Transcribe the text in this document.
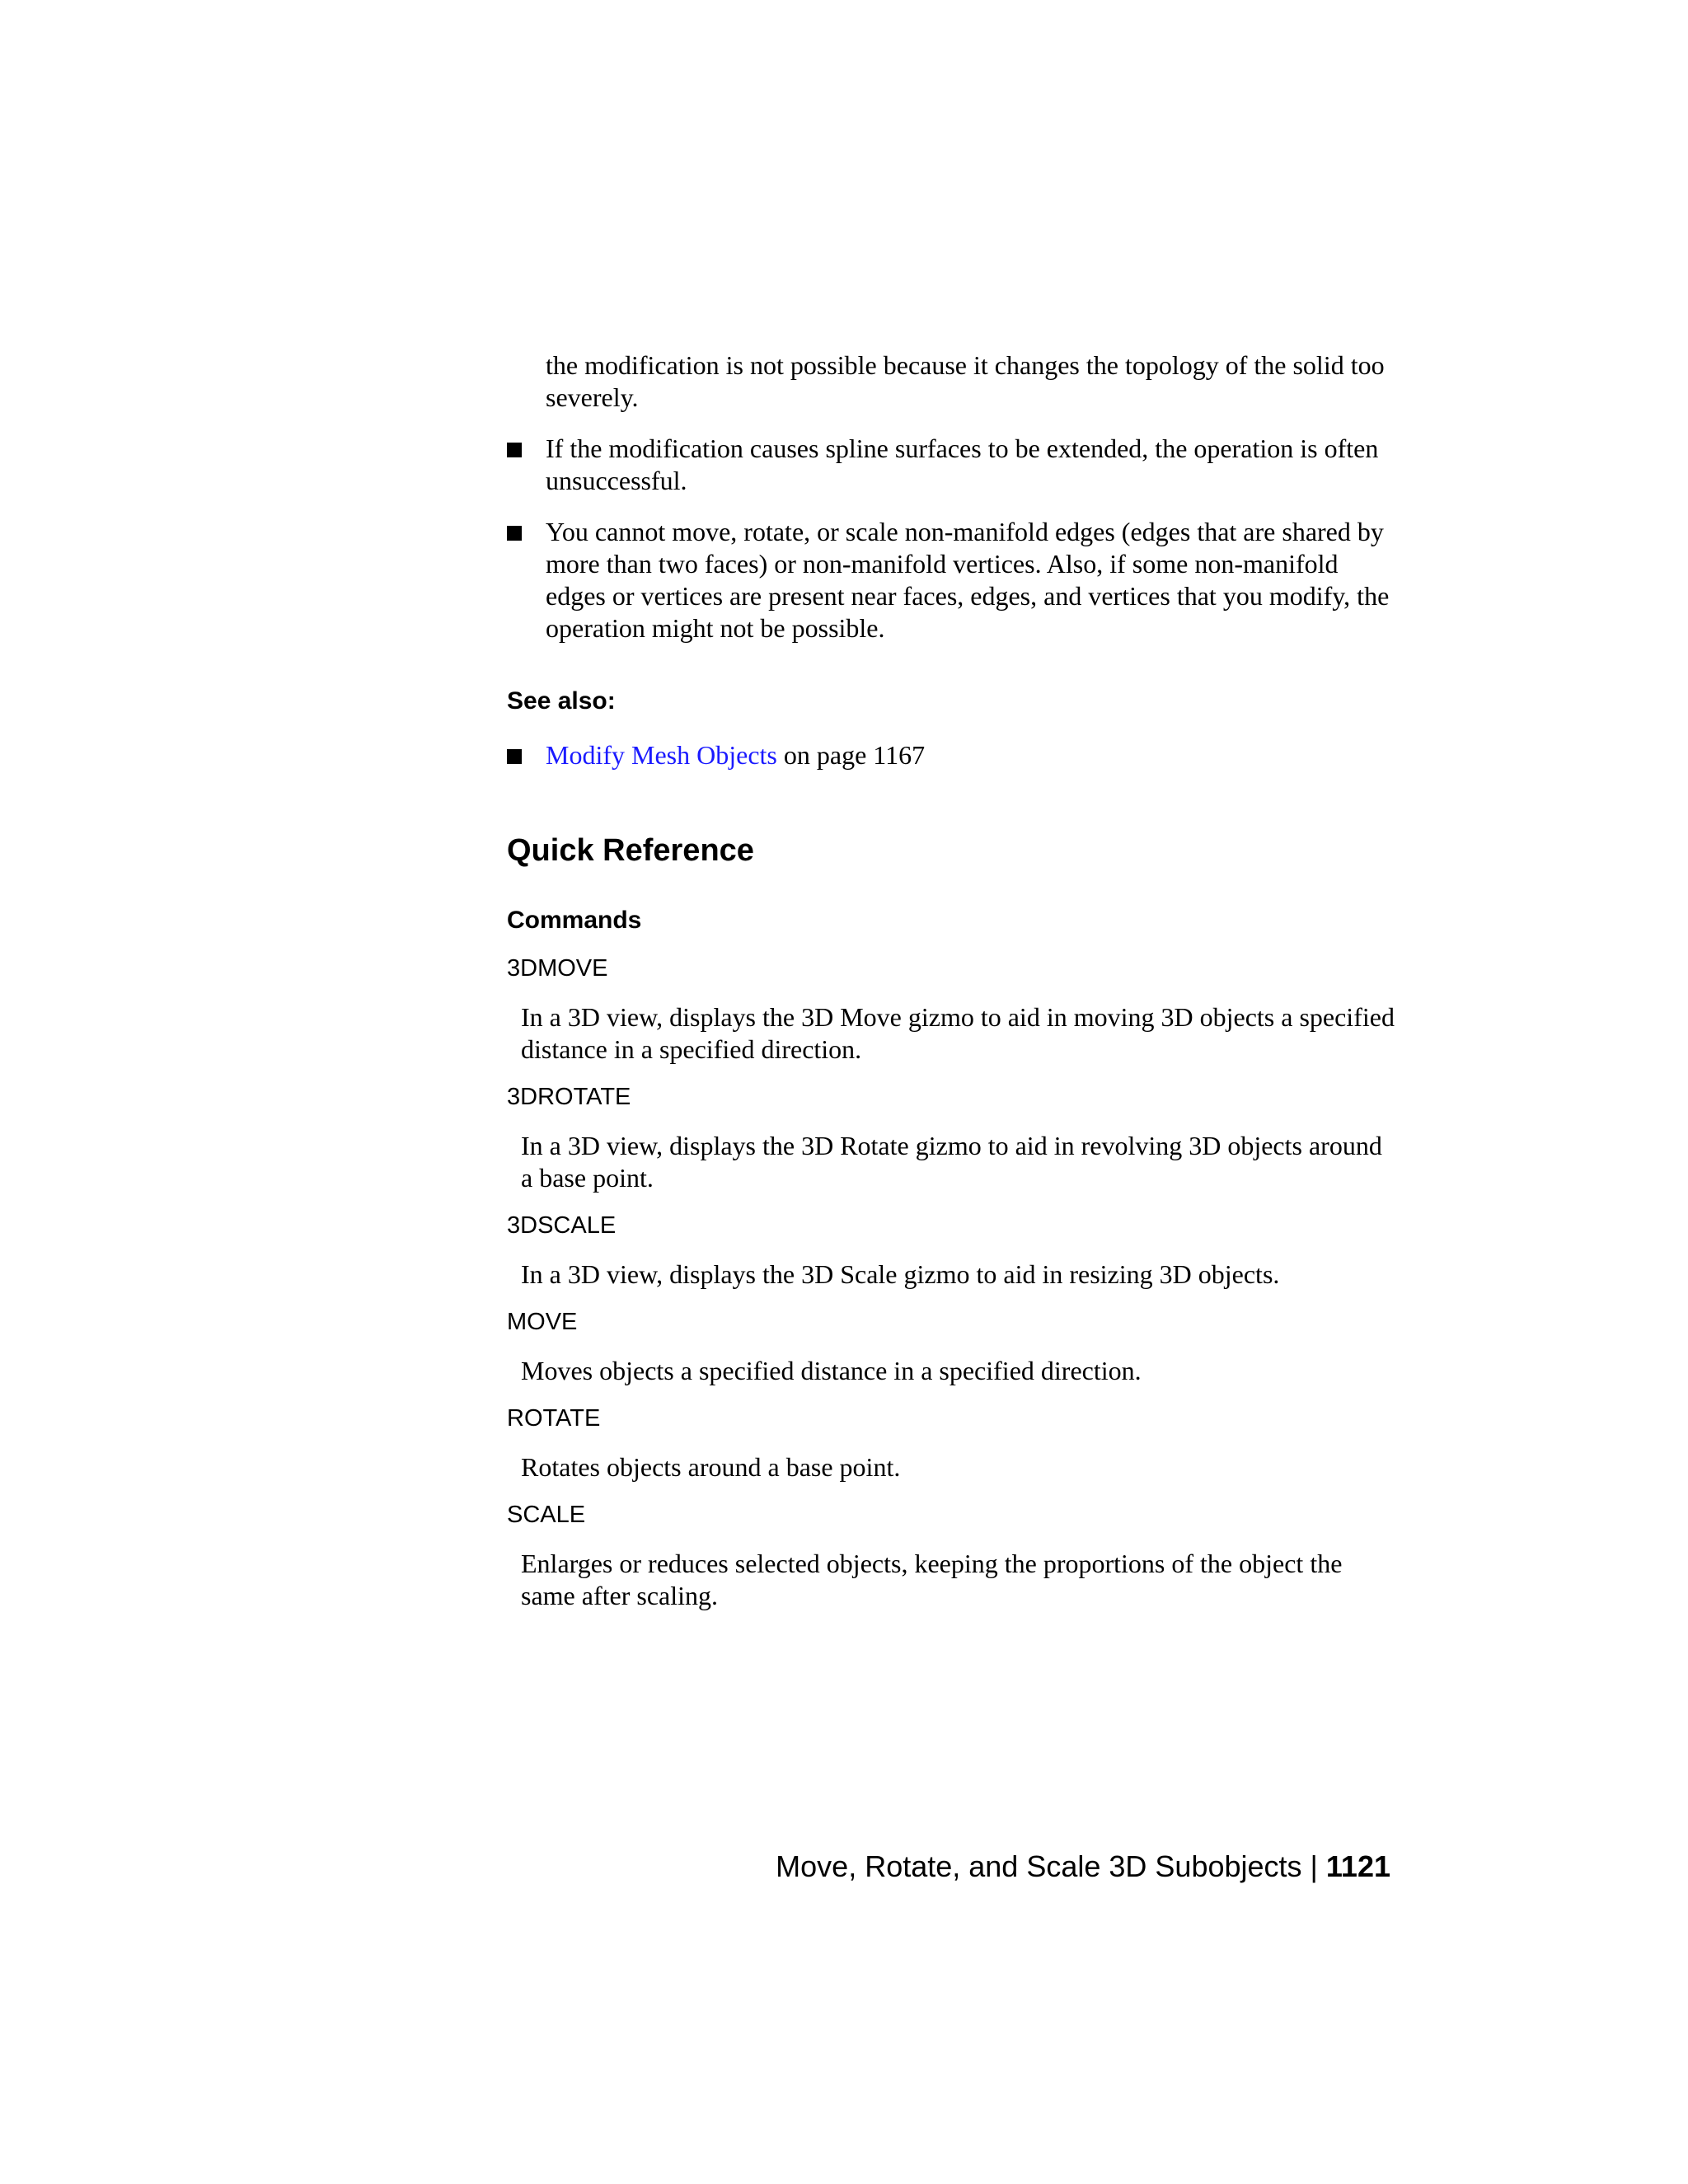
the modification is not possible because it changes the topology of the solid too severely.
If the modification causes spline surfaces to be extended, the operation is often unsuccessful.
You cannot move, rotate, or scale non-manifold edges (edges that are shared by more than two faces) or non-manifold vertices. Also, if some non-manifold edges or vertices are present near faces, edges, and vertices that you modify, the operation might not be possible.
See also:
Modify Mesh Objects on page 1167
Quick Reference
Commands
3DMOVE
In a 3D view, displays the 3D Move gizmo to aid in moving 3D objects a specified distance in a specified direction.
3DROTATE
In a 3D view, displays the 3D Rotate gizmo to aid in revolving 3D objects around a base point.
3DSCALE
In a 3D view, displays the 3D Scale gizmo to aid in resizing 3D objects.
MOVE
Moves objects a specified distance in a specified direction.
ROTATE
Rotates objects around a base point.
SCALE
Enlarges or reduces selected objects, keeping the proportions of the object the same after scaling.
Move, Rotate, and Scale 3D Subobjects | 1121
